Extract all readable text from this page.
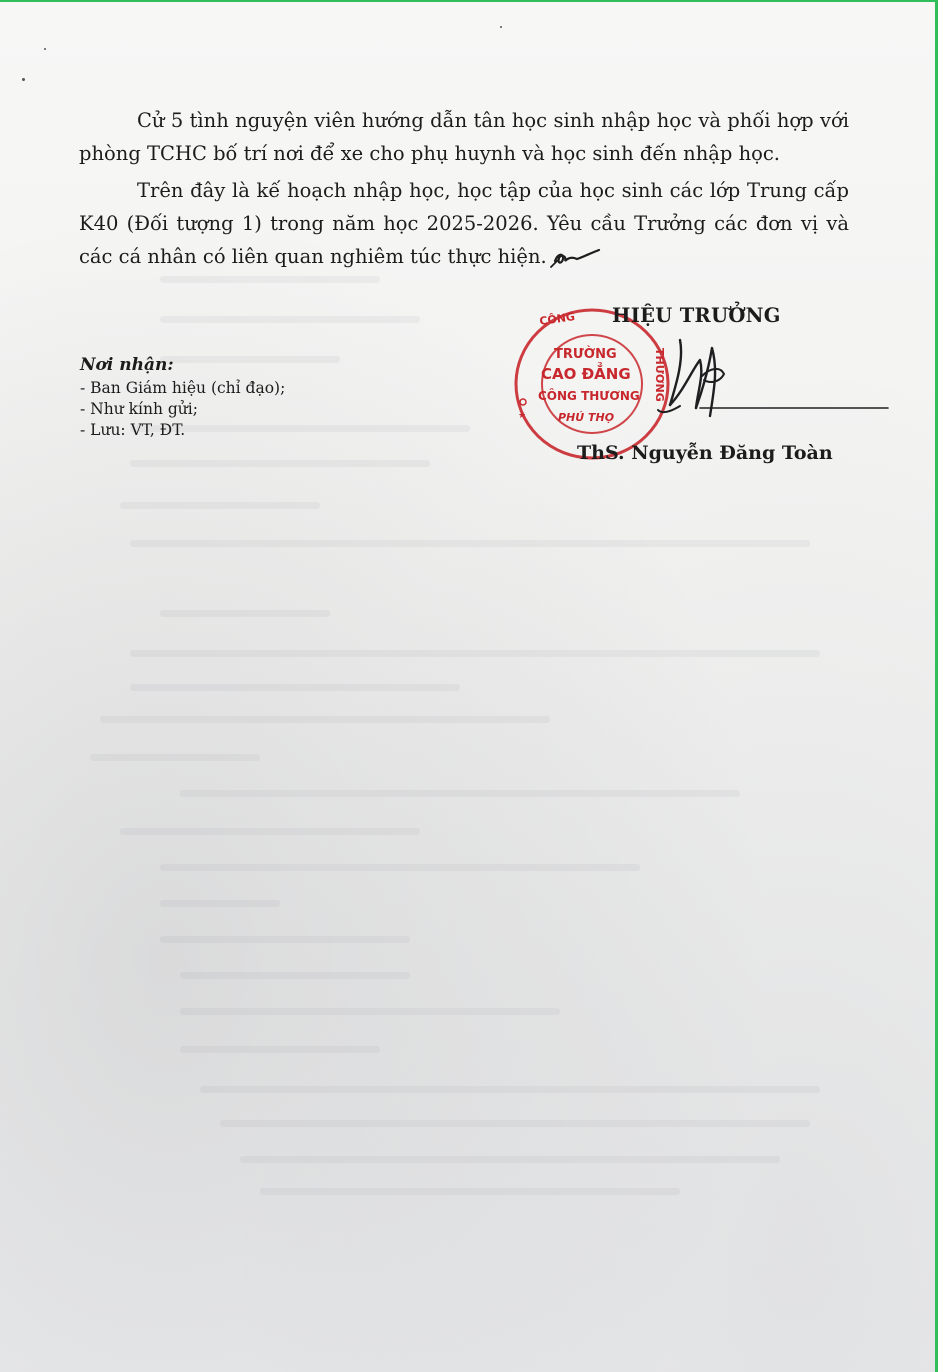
Cử 5 tình nguyện viên hướng dẫn tân học sinh nhập học và phối hợp với phòng TCHC bố trí nơi để xe cho phụ huynh và học sinh đến nhập học.

Trên đây là kế hoạch nhập học, học tập của học sinh các lớp Trung cấp K40 (Đối tượng 1) trong năm học 2025-2026. Yêu cầu Trưởng các đơn vị và các cá nhân có liên quan nghiêm túc thực hiện.

Nơi nhận:

- Ban Giám hiệu (chỉ đạo);
- Như kính gửi;
- Lưu: VT, ĐT.
CÔNG
TRƯỜNG
CAO ĐẲNG
CÔNG THƯƠNG
PHÚ THỌ
THƯƠNG
★

HIỆU TRƯỞNG

ThS. Nguyễn Đăng Toàn
